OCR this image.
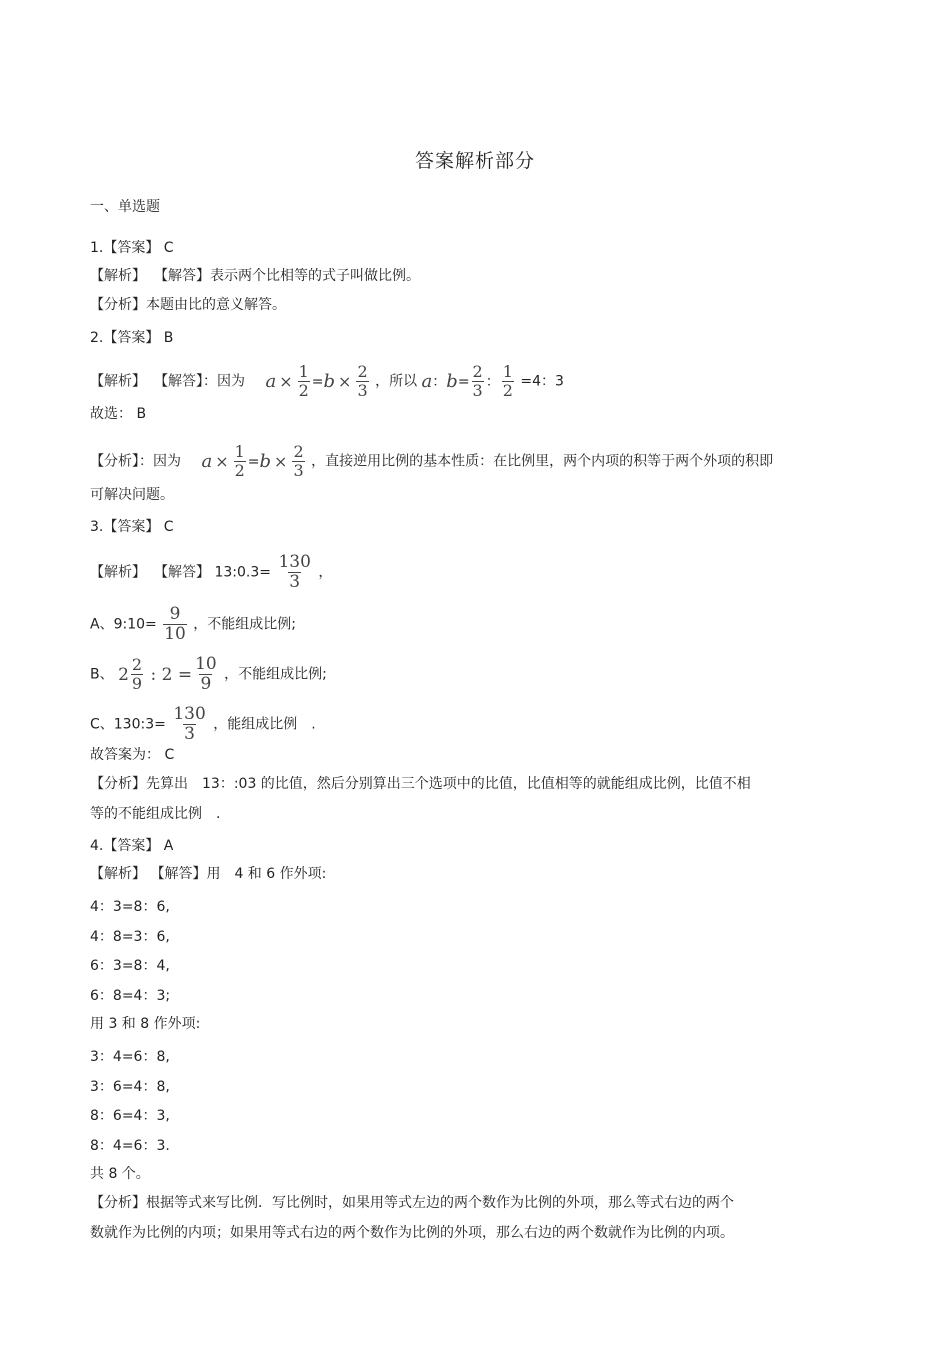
答案解析部分
一、单选题
1.【答案】 C
【解析】 【解答】表示两个比相等的式子叫做比例。
【分析】本题由比的意义解答。
2.【答案】 B
【解析】 【解答】：因为 $a \times \frac{1}{2} = b \times \frac{2}{3}$ ，所以 a ： $b = \frac{2}{3}$ ： $\frac{1}{2} =4$：3
故选： B
【分析】：因为 $a \times \frac{1}{2} = b \times \frac{2}{3}$ ，直接逆用比例的基本性质：在比例里，两个内项的积等于两个外项的积即
可解决问题。
3.【答案】 C
【解析】 【解答】 13:0.3= $\frac{130}{3}$ ，
A、9:10= $\frac{9}{10}$ ，不能组成比例;
B、 $2 \frac{2}{9}$ : $2 = \frac{10}{9}$ ，不能组成比例;
C、130:3= $\frac{130}{3}$ ，能组成比例　.
故答案为： C
【分析】先算出　13：:03 的比值，然后分别算出三个选项中的比值，比值相等的就能组成比例，比值不相
等的不能组成比例　.
4.【答案】 A
【解析】 【解答】用　4 和 6 作外项:
4：3=8：6,
4：8=3：6,
6：3=8：4,
6：8=4：3;
用 3 和 8 作外项:
3：4=6：8,
3：6=4：8,
8：6=4：3,
8：4=6：3.
共 8 个。
【分析】根据等式来写比例．写比例时，如果用等式左边的两个数作为比例的外项，那么等式右边的两个
数就作为比例的内项；如果用等式右边的两个数作为比例的外项，那么右边的两个数就作为比例的内项。
